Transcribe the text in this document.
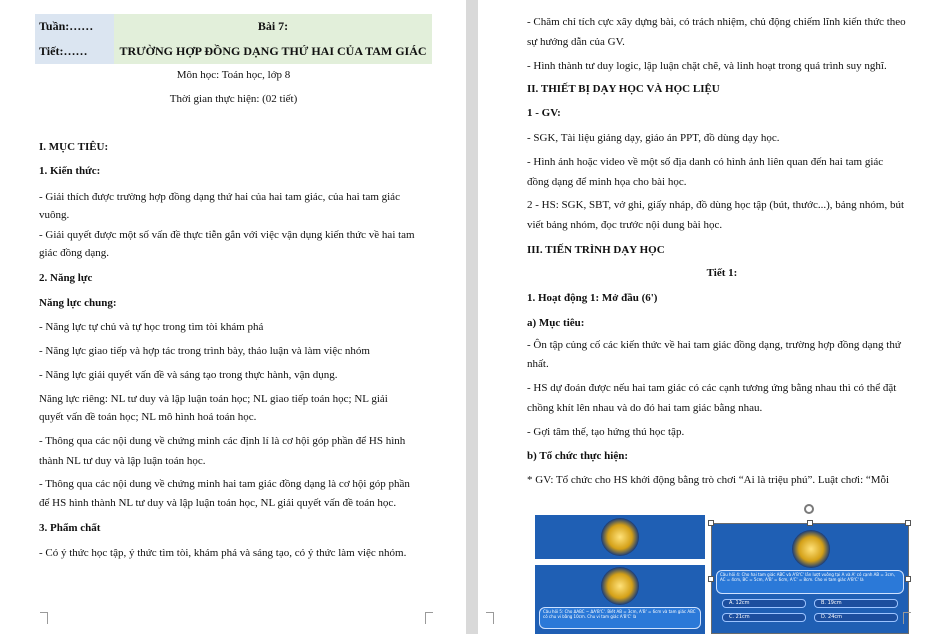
Tuần:……
Tiết:……
Bài 7:
TRƯỜNG HỢP ĐỒNG DẠNG THỨ HAI CỦA TAM GIÁC
Môn học: Toán học, lớp 8
Thời gian thực hiện: (02 tiết)
I. MỤC TIÊU:
1. Kiến thức:
- Giải thích được trường hợp đồng dạng thứ hai của hai tam giác, của hai tam giác
vuông.
- Giải quyết được một số vấn đề thực tiễn gắn với việc vận dụng kiến thức về hai tam
giác đồng dạng.
2. Năng lực
Năng lực chung:
- Năng lực tự chủ và tự học trong tìm tòi khám phá
- Năng lực giao tiếp và hợp tác trong trình bày, thảo luận và làm việc nhóm
- Năng lực giải quyết vấn đề và sáng tạo trong thực hành, vận dụng.
Năng lực riêng: NL tư duy và lập luận toán học; NL giao tiếp toán học; NL giải
quyết vấn đề toán học; NL mô hình hoá toán học.
- Thông qua các nội dung về chứng minh các định lí là cơ hội góp phần để HS hình
thành NL tư duy và lập luận toán học.
- Thông qua các nội dung về chứng minh hai tam giác đồng dạng là cơ hội góp phần
để HS hình thành NL tư duy và lập luận toán học, NL giải quyết vấn đề toán học.
3. Phẩm chất
- Có ý thức học tập, ý thức tìm tòi, khám phá và sáng tạo, có ý thức làm việc nhóm.
- Chăm chỉ tích cực xây dựng bài, có trách nhiệm, chủ động chiếm lĩnh kiến thức theo
sự hướng dẫn của GV.
- Hình thành tư duy logic, lập luận chặt chẽ, và linh hoạt trong quá trình suy nghĩ.
II. THIẾT BỊ DẠY HỌC VÀ HỌC LIỆU
1 - GV:
- SGK, Tài liệu giảng dạy, giáo án PPT, đồ dùng dạy học.
- Hình ảnh hoặc video về một số địa danh có hình ảnh liên quan đến hai tam giác
đồng dạng để minh họa cho bài học.
2 - HS: SGK, SBT, vở ghi, giấy nháp, đồ dùng học tập (bút, thước...), bảng nhóm, bút
viết bảng nhóm, đọc trước nội dung bài học.
III. TIẾN TRÌNH DẠY HỌC
Tiết 1:
1. Hoạt động 1: Mở đầu (6')
a) Mục tiêu:
- Ôn tập củng cố các kiến thức về hai tam giác đồng dạng, trường hợp đồng dạng thứ
nhất.
- HS dự đoán được nếu hai tam giác có các cạnh tương ứng bằng nhau thì có thể đặt
chồng khít lên nhau và do đó hai tam giác bằng nhau.
- Gợi tâm thế, tạo hứng thú học tập.
b) Tổ chức thực hiện:
* GV: Tổ chức cho HS khởi động bằng trò chơi “Ai là triệu phú”. Luật chơi: “Mỗi
Câu hỏi 5: Cho ΔABC ∽ ΔA'B'C'. Biết AB = 3cm, A'B' = 6cm và tam giác ABC có chu vi bằng 10cm. Chu vi tam giác A'B'C' là
Câu hỏi 4: Cho hai tam giác ABC và A'B'C' lần lượt vuông tại A và A' có cạnh AB = 3cm, AC = 4cm, BC = 5cm, A'B' = 6cm, A'C' = 8cm. Cho vi tam giác A'B'C' là
A. 12cm	B. 19cm
C. 21cm	D. 24cm
